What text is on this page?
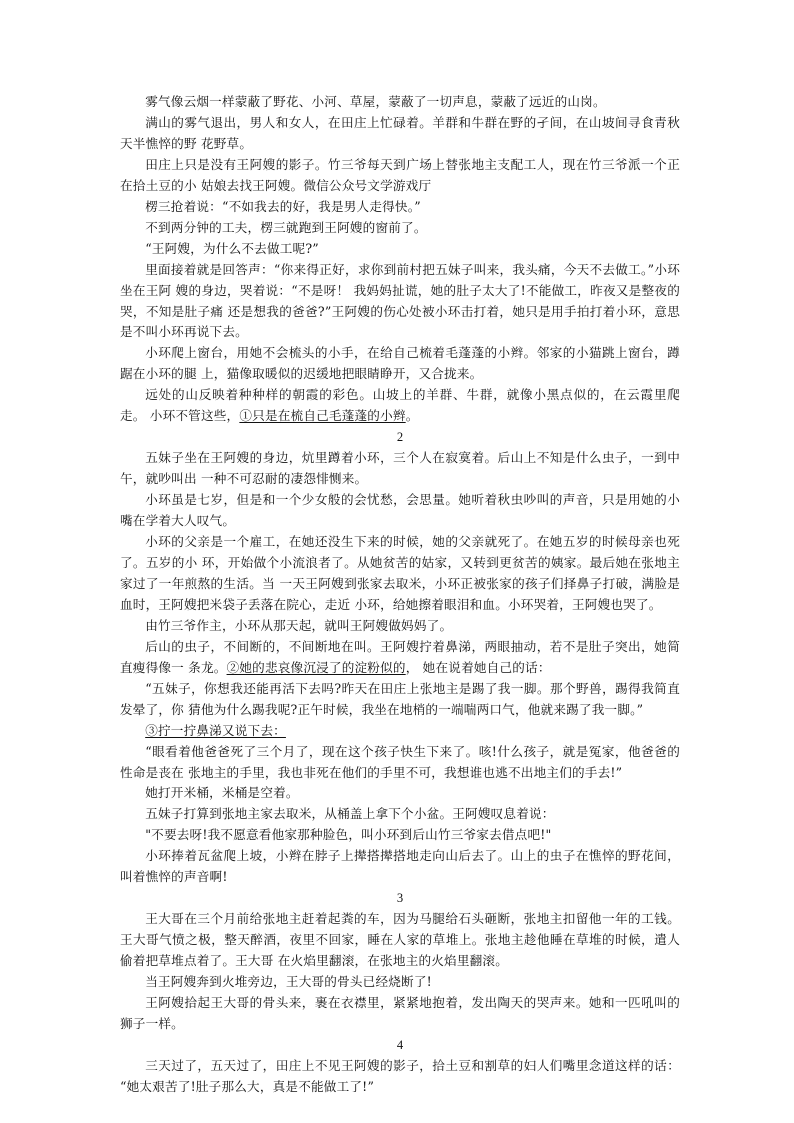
雾气像云烟一样蒙蔽了野花、小河、草屋，蒙蔽了一切声息，蒙蔽了远近的山岗。

满山的雾气退出，男人和女人，在田庄上忙碌着。羊群和牛群在野的孑间，在山坡间寻食青秋天半憔悴的野 花野草。

田庄上只是没有王阿嫂的影子。竹三爷每天到广场上替张地主支配工人，现在竹三爷派一个正在拾土豆的小 姑娘去找王阿嫂。微信公众号文学游戏厅

楞三抢着说：“不如我去的好，我是男人走得快。”

不到两分钟的工夫，楞三就跑到王阿嫂的窗前了。

“王阿嫂，为什么不去做工呢?”

里面接着就是回答声：“你来得正好，求你到前村把五妹子叫来，我头痛，今天不去做工。”小环坐在王阿 嫂的身边，哭着说：“不是呀！ 我妈妈扯谎，她的肚子太大了!不能做工，昨夜又是整夜的哭，不知是肚子痛 还是想我的爸爸?”王阿嫂的伤心处被小环击打着，她只是用手拍打着小环，意思是不叫小环再说下去。

小环爬上窗台，用她不会梳头的小手，在给自己梳着毛蓬蓬的小辫。邻家的小猫跳上窗台，蹲踞在小环的腿 上，猫像取暖似的迟缓地把眼睛睁开，又合拢来。

远处的山反映着种种样的朝霞的彩色。山坡上的羊群、牛群，就像小黑点似的，在云霞里爬走。 小环不管这些，①只是在梳自己毛蓬蓬的小辫。

2

五妹子坐在王阿嫂的身边，炕里蹲着小环，三个人在寂寞着。后山上不知是什么虫子，一到中午，就吵叫出 一种不可忍耐的凄怨悱恻来。

小环虽是七岁，但是和一个少女般的会忧愁，会思量。她听着秋虫吵叫的声音，只是用她的小嘴在学着大人叹气。

小环的父亲是一个雇工，在她还没生下来的时候，她的父亲就死了。在她五岁的时候母亲也死了。五岁的小 环，开始做个小流浪者了。从她贫苦的姑家，又转到更贫苦的姨家。最后她在张地主家过了一年煎熬的生活。当 一天王阿嫂到张家去取米，小环正被张家的孩子们择鼻子打破，满脸是血时，王阿嫂把米袋子丢落在院心，走近 小环，给她擦着眼泪和血。小环哭着，王阿嫂也哭了。

由竹三爷作主，小环从那天起，就叫王阿嫂做妈妈了。

后山的虫子，不间断的，不间断地在叫。王阿嫂拧着鼻涕，两眼抽动，若不是肚子突出，她简直瘦得像一 条龙。②她的悲哀像沉浸了的淀粉似的， 她在说着她自己的话：

“五妹子，你想我还能再活下去吗?昨天在田庄上张地主是踢了我一脚。那个野兽，踢得我简直发晕了，你 猜他为什么踢我呢?正午时候，我坐在地梢的一端喘两口气，他就来踢了我一脚。”

③拧一拧鼻涕又说下去：

“眼看着他爸爸死了三个月了，现在这个孩子快生下来了。咳!什么孩子，就是冤家，他爸爸的性命是丧在 张地主的手里，我也非死在他们的手里不可，我想谁也逃不出地主们的手去!”

她打开米桶，米桶是空着。

五妹子打算到张地主家去取米，从桶盖上拿下个小盆。王阿嫂叹息着说：

"不要去呀!我不愿意看他家那种脸色，叫小环到后山竹三爷家去借点吧!"

小环捧着瓦盆爬上坡，小辫在脖子上撵搭撵搭地走向山后去了。山上的虫子在憔悴的野花间，叫着憔悴的声音啊!

3

王大哥在三个月前给张地主赶着起粪的车，因为马腿给石头砸断，张地主扣留他一年的工钱。王大哥气愤之极，整天醉酒，夜里不回家，睡在人家的草堆上。张地主趁他睡在草堆的时候，遣人偷着把草堆点着了。王大哥 在火焰里翻滚，在张地主的火焰里翻滚。

当王阿嫂奔到火堆旁边，王大哥的骨头已经烧断了!

王阿嫂拾起王大哥的骨头来，裹在衣襟里，紧紧地抱着，发出陶天的哭声来。她和一匹吼叫的狮子一样。

4

三天过了，五天过了，田庄上不见王阿嫂的影子，拾土豆和割草的妇人们嘴里念道这样的话： “她太艰苦了!肚子那么大，真是不能做工了!”
